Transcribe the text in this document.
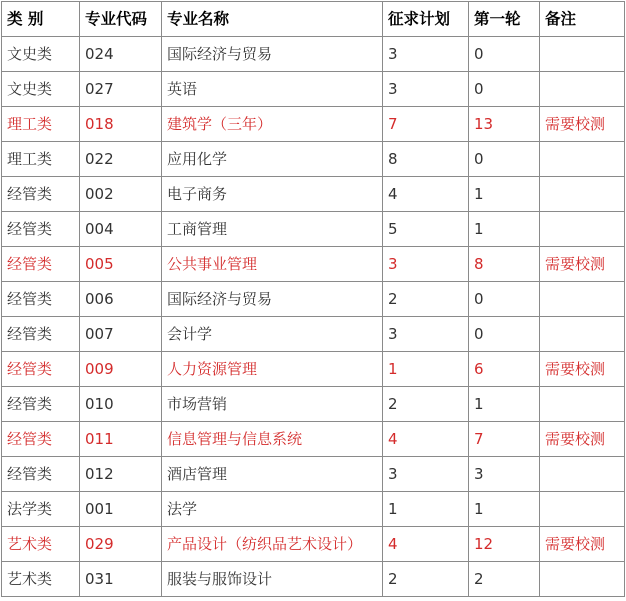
类 别	专业代码	专业名称	征求计划	第一轮	备注
文史类	024	国际经济与贸易	3	0	
文史类	027	英语	3	0	
理工类	018	建筑学（三年）	7	13	需要校测
理工类	022	应用化学	8	0	
经管类	002	电子商务	4	1	
经管类	004	工商管理	5	1	
经管类	005	公共事业管理	3	8	需要校测
经管类	006	国际经济与贸易	2	0	
经管类	007	会计学	3	0	
经管类	009	人力资源管理	1	6	需要校测
经管类	010	市场营销	2	1	
经管类	011	信息管理与信息系统	4	7	需要校测
经管类	012	酒店管理	3	3	
法学类	001	法学	1	1	
艺术类	029	产品设计（纺织品艺术设计）	4	12	需要校测
艺术类	031	服装与服饰设计	2	2	
